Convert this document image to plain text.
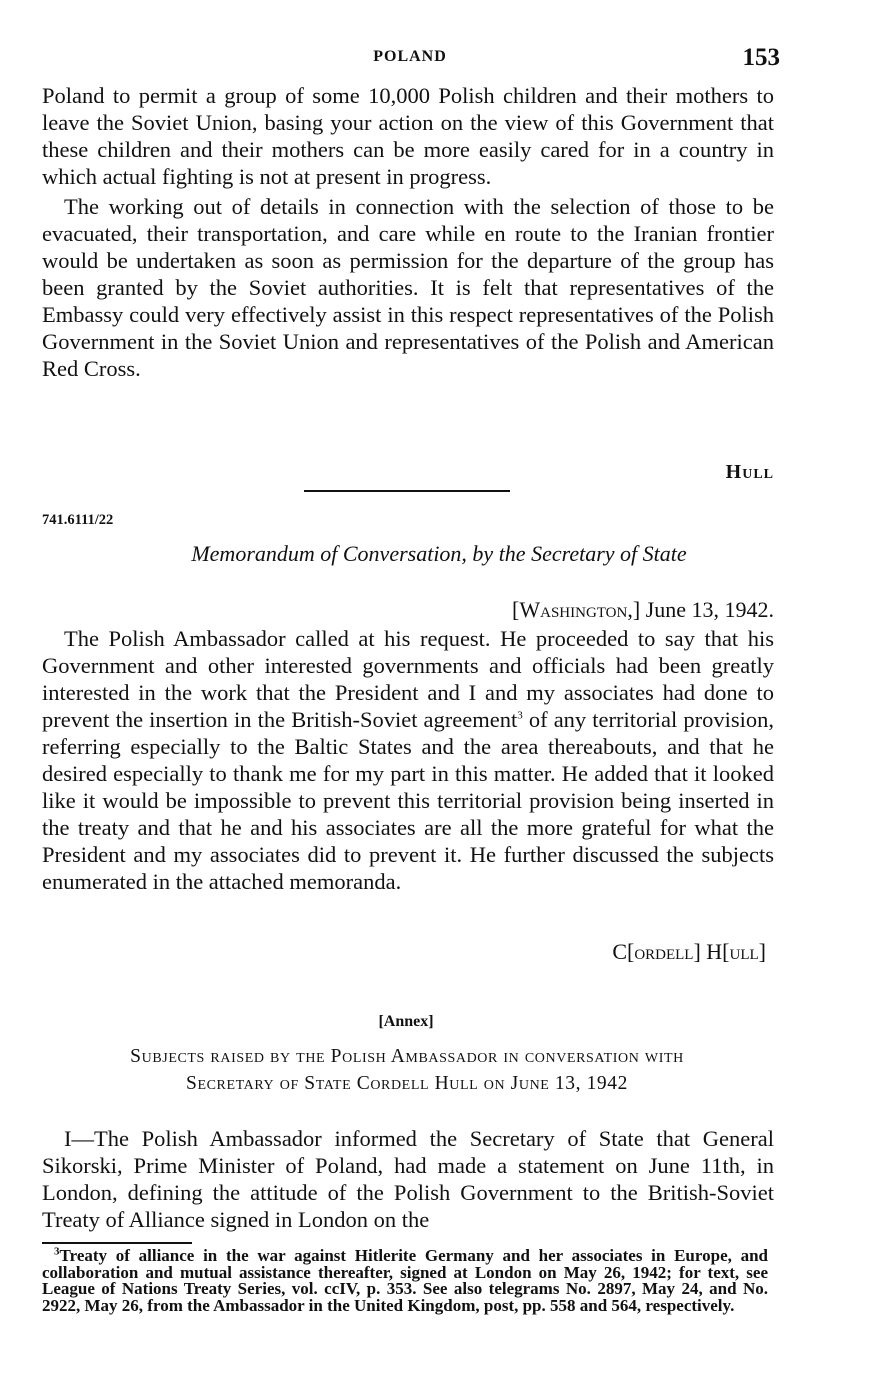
POLAND	153

Poland to permit a group of some 10,000 Polish children and their mothers to leave the Soviet Union, basing your action on the view of this Government that these children and their mothers can be more easily cared for in a country in which actual fighting is not at present in progress.

The working out of details in connection with the selection of those to be evacuated, their transportation, and care while en route to the Iranian frontier would be undertaken as soon as permission for the departure of the group has been granted by the Soviet authorities. It is felt that representatives of the Embassy could very effectively assist in this respect representatives of the Polish Government in the Soviet Union and representatives of the Polish and American Red Cross.

Hull
741.6111/22
Memorandum of Conversation, by the Secretary of State
[Washington,] June 13, 1942.

The Polish Ambassador called at his request. He proceeded to say that his Government and other interested governments and officials had been greatly interested in the work that the President and I and my associates had done to prevent the insertion in the British-Soviet agreement$^3$ of any territorial provision, referring especially to the Baltic States and the area thereabouts, and that he desired especially to thank me for my part in this matter. He added that it looked like it would be impossible to prevent this territorial provision being inserted in the treaty and that he and his associates are all the more grateful for what the President and my associates did to prevent it. He further discussed the subjects enumerated in the attached memoranda.

C[ordell] H[ull]
[Annex]
Subjects raised by the Polish Ambassador in conversation with
Secretary of State Cordell Hull on June 13, 1942

I—The Polish Ambassador informed the Secretary of State that General Sikorski, Prime Minister of Poland, had made a statement on June 11th, in London, defining the attitude of the Polish Government to the British-Soviet Treaty of Alliance signed in London on the

$^3$Treaty of alliance in the war against Hitlerite Germany and her associates in Europe, and collaboration and mutual assistance thereafter, signed at London on May 26, 1942; for text, see League of Nations Treaty Series, vol. ccIV, p. 353. See also telegrams No. 2897, May 24, and No. 2922, May 26, from the Ambassador in the United Kingdom, post, pp. 558 and 564, respectively.
